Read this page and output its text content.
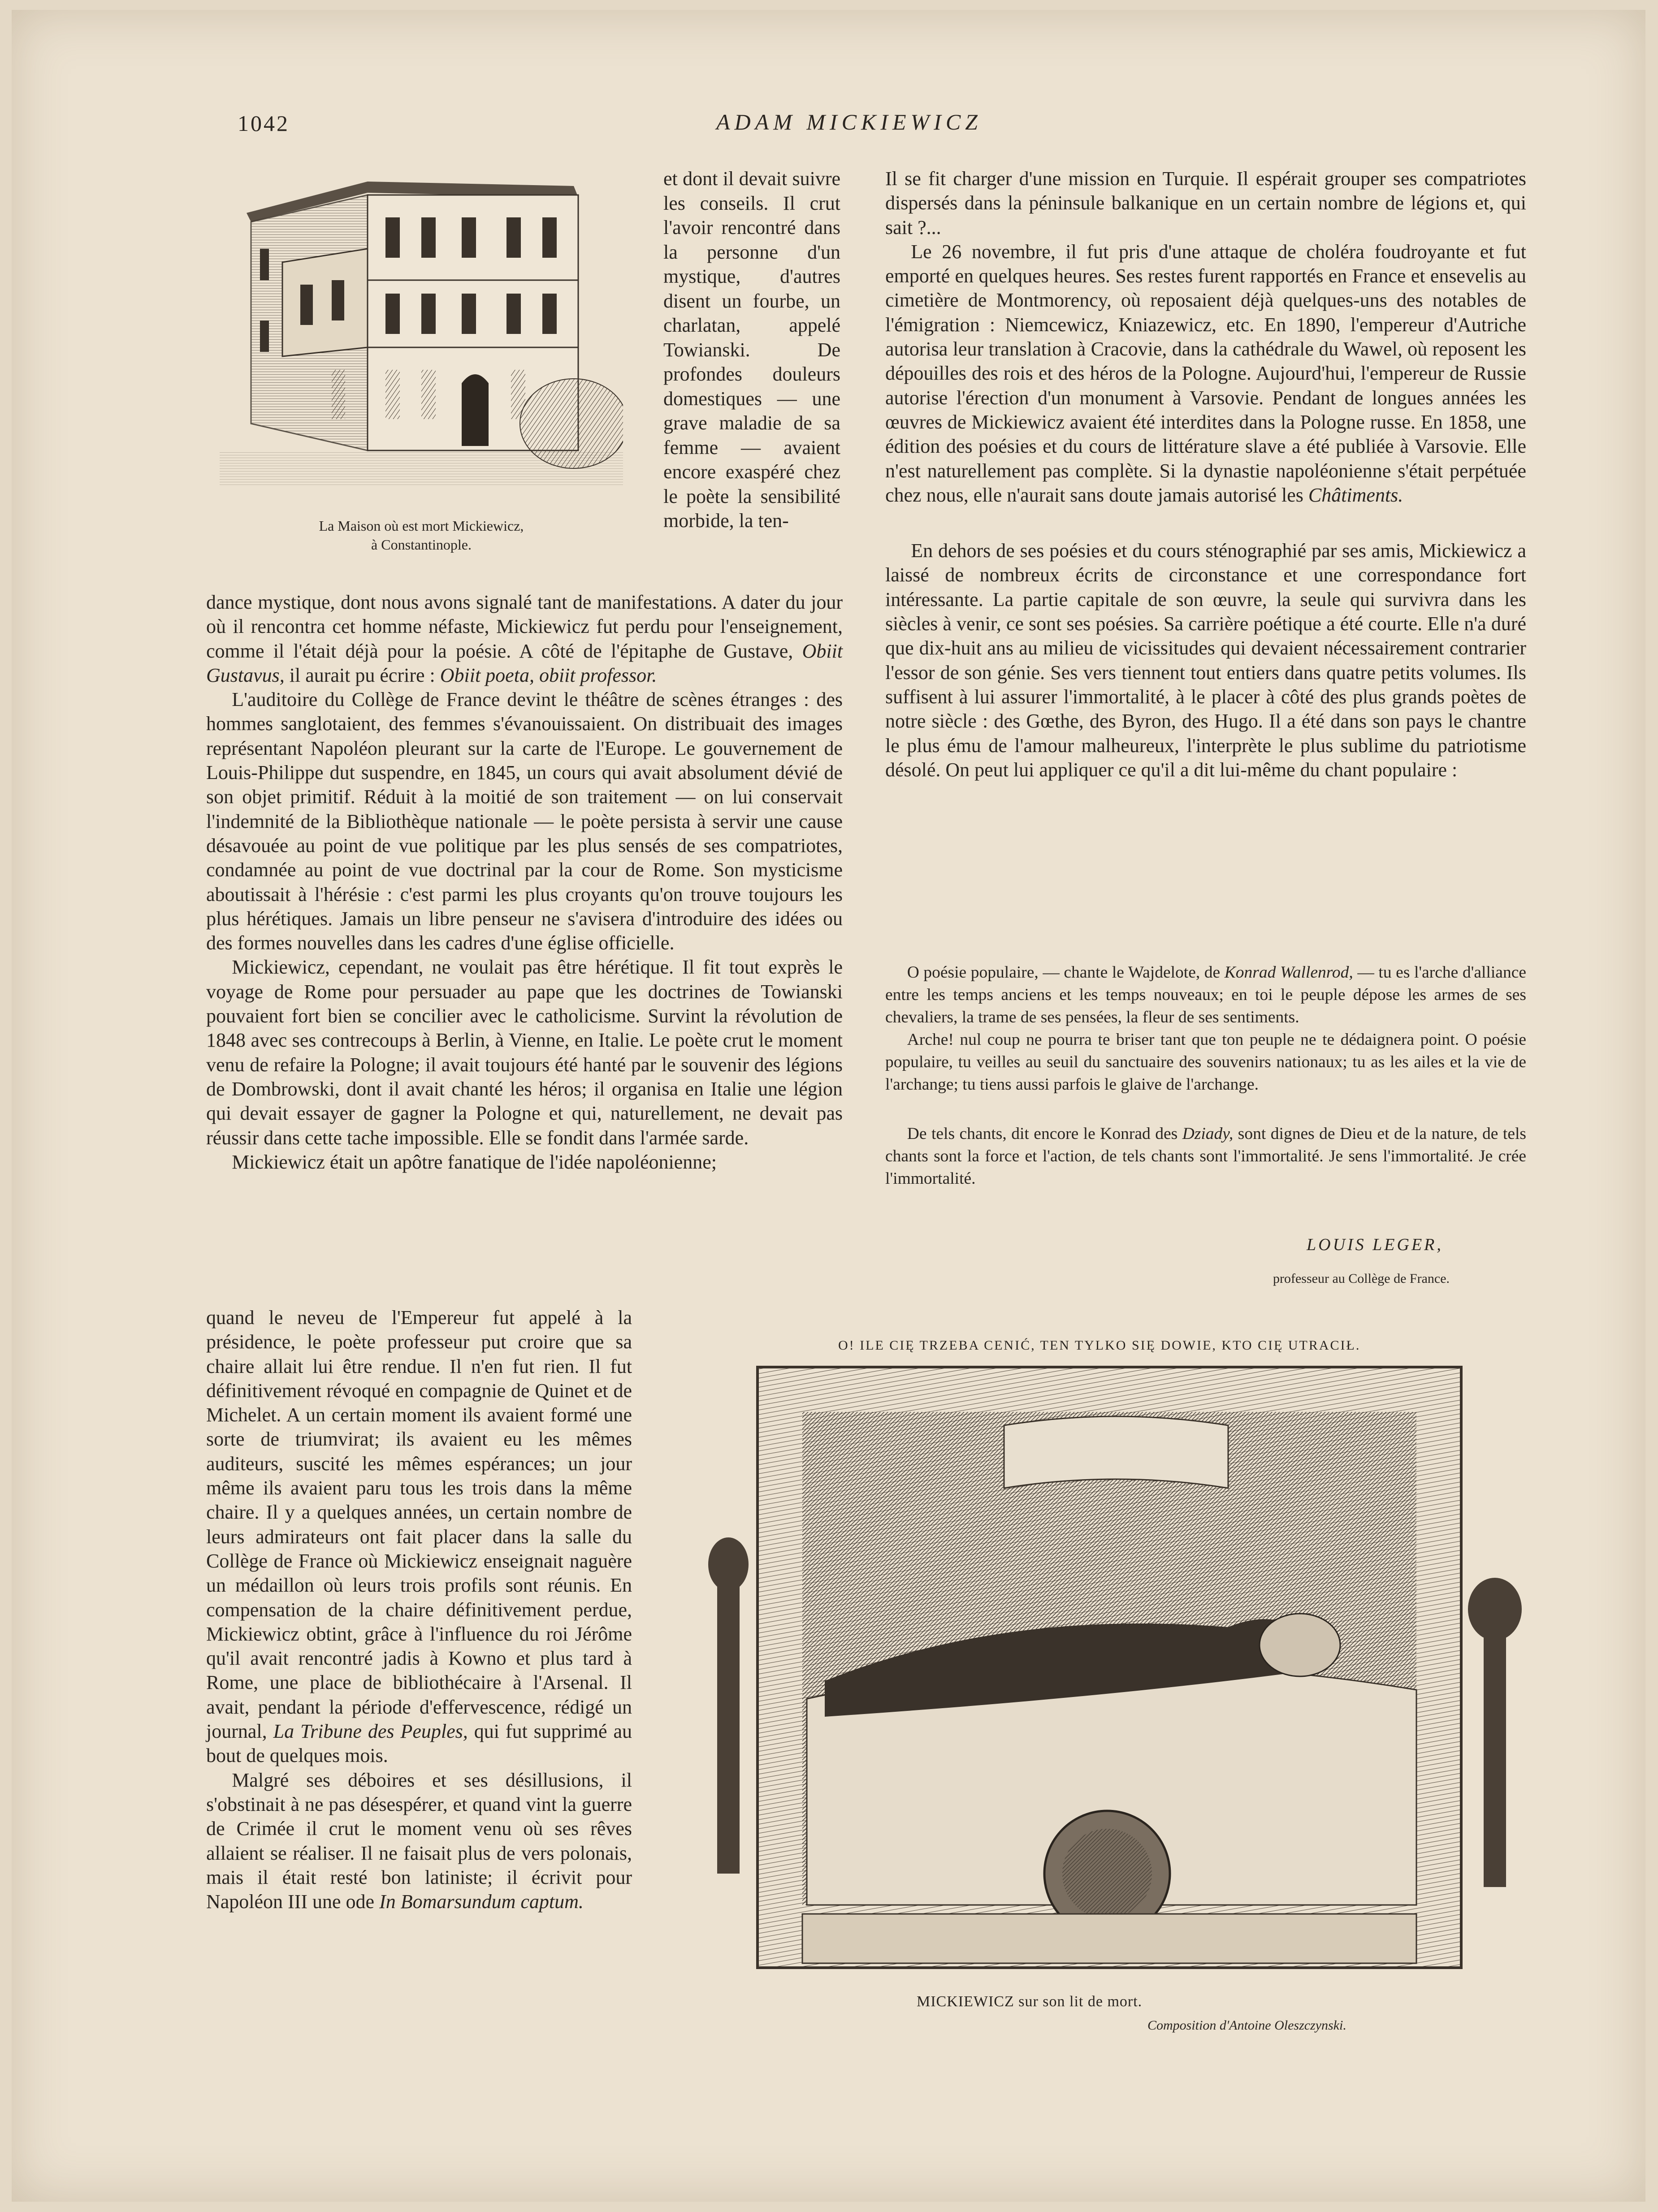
1042	ADAM MICKIEWICZ
La Maison où est mort Mickiewicz,
à Constantinople.

et dont il devait suivre les conseils. Il crut l'avoir rencontré dans la personne d'un mystique, d'autres disent un fourbe, un charlatan, appelé Towianski. De profondes douleurs domestiques — une grave maladie de sa femme — avaient encore exaspéré chez le poète la sensibilité morbide, la ten-

dance mystique, dont nous avons signalé tant de manifestations. A dater du jour où il rencontra cet homme néfaste, Mickiewicz fut perdu pour l'enseignement, comme il l'était déjà pour la poésie. A côté de l'épitaphe de Gustave, Obiit Gustavus, il aurait pu écrire : Obiit poeta, obiit professor.

L'auditoire du Collège de France devint le théâtre de scènes étranges : des hommes sanglotaient, des femmes s'évanouissaient. On distribuait des images représentant Napoléon pleurant sur la carte de l'Europe. Le gouvernement de Louis-Philippe dut suspendre, en 1845, un cours qui avait absolument dévié de son objet primitif. Réduit à la moitié de son traitement — on lui conservait l'indemnité de la Bibliothèque nationale — le poète persista à servir une cause désavouée au point de vue politique par les plus sensés de ses compatriotes, condamnée au point de vue doctrinal par la cour de Rome. Son mysticisme aboutissait à l'hérésie : c'est parmi les plus croyants qu'on trouve toujours les plus hérétiques. Jamais un libre penseur ne s'avisera d'introduire des idées ou des formes nouvelles dans les cadres d'une église officielle.

Mickiewicz, cependant, ne voulait pas être hérétique. Il fit tout exprès le voyage de Rome pour persuader au pape que les doctrines de Towianski pouvaient fort bien se concilier avec le catholicisme. Survint la révolution de 1848 avec ses contrecoups à Berlin, à Vienne, en Italie. Le poète crut le moment venu de refaire la Pologne; il avait toujours été hanté par le souvenir des légions de Dombrowski, dont il avait chanté les héros; il organisa en Italie une légion qui devait essayer de gagner la Pologne et qui, naturellement, ne devait pas réussir dans cette tache impossible. Elle se fondit dans l'armée sarde.

Mickiewicz était un apôtre fanatique de l'idée napoléonienne;

quand le neveu de l'Empereur fut appelé à la présidence, le poète professeur put croire que sa chaire allait lui être rendue. Il n'en fut rien. Il fut définitivement révoqué en compagnie de Quinet et de Michelet. A un certain moment ils avaient formé une sorte de triumvirat; ils avaient eu les mêmes auditeurs, suscité les mêmes espérances; un jour même ils avaient paru tous les trois dans la même chaire. Il y a quelques années, un certain nombre de leurs admirateurs ont fait placer dans la salle du Collège de France où Mickiewicz enseignait naguère un médaillon où leurs trois profils sont réunis. En compensation de la chaire définitivement perdue, Mickiewicz obtint, grâce à l'influence du roi Jérôme qu'il avait rencontré jadis à Kowno et plus tard à Rome, une place de bibliothécaire à l'Arsenal. Il avait, pendant la période d'effervescence, rédigé un journal, La Tribune des Peuples, qui fut supprimé au bout de quelques mois.

Malgré ses déboires et ses désillusions, il s'obstinait à ne pas désespérer, et quand vint la guerre de Crimée il crut le moment venu où ses rêves allaient se réaliser. Il ne faisait plus de vers polonais, mais il était resté bon latiniste; il écrivit pour Napoléon III une ode In Bomarsundum captum.

Il se fit charger d'une mission en Turquie. Il espérait grouper ses compatriotes dispersés dans la péninsule balkanique en un certain nombre de légions et, qui sait ?...

Le 26 novembre, il fut pris d'une attaque de choléra foudroyante et fut emporté en quelques heures. Ses restes furent rapportés en France et ensevelis au cimetière de Montmorency, où reposaient déjà quelques-uns des notables de l'émigration : Niemcewicz, Kniazewicz, etc. En 1890, l'empereur d'Autriche autorisa leur translation à Cracovie, dans la cathédrale du Wawel, où reposent les dépouilles des rois et des héros de la Pologne. Aujourd'hui, l'empereur de Russie autorise l'érection d'un monument à Varsovie. Pendant de longues années les œuvres de Mickiewicz avaient été interdites dans la Pologne russe. En 1858, une édition des poésies et du cours de littérature slave a été publiée à Varsovie. Elle n'est naturellement pas complète. Si la dynastie napoléonienne s'était perpétuée chez nous, elle n'aurait sans doute jamais autorisé les Châtiments.

En dehors de ses poésies et du cours sténographié par ses amis, Mickiewicz a laissé de nombreux écrits de circonstance et une correspondance fort intéressante. La partie capitale de son œuvre, la seule qui survivra dans les siècles à venir, ce sont ses poésies. Sa carrière poétique a été courte. Elle n'a duré que dix-huit ans au milieu de vicissitudes qui devaient nécessairement contrarier l'essor de son génie. Ses vers tiennent tout entiers dans quatre petits volumes. Ils suffisent à lui assurer l'immortalité, à le placer à côté des plus grands poètes de notre siècle : des Gœthe, des Byron, des Hugo. Il a été dans son pays le chantre le plus ému de l'amour malheureux, l'interprète le plus sublime du patriotisme désolé. On peut lui appliquer ce qu'il a dit lui-même du chant populaire :

O poésie populaire, — chante le Wajdelote, de Konrad Wallenrod, — tu es l'arche d'alliance entre les temps anciens et les temps nouveaux; en toi le peuple dépose les armes de ses chevaliers, la trame de ses pensées, la fleur de ses sentiments.

Arche! nul coup ne pourra te briser tant que ton peuple ne te dédaignera point. O poésie populaire, tu veilles au seuil du sanctuaire des souvenirs nationaux; tu as les ailes et la vie de l'archange; tu tiens aussi parfois le glaive de l'archange.

De tels chants, dit encore le Konrad des Dziady, sont dignes de Dieu et de la nature, de tels chants sont la force et l'action, de tels chants sont l'immortalité. Je sens l'immortalité. Je crée l'immortalité.

LOUIS LEGER,
professeur au Collège de France.
O! ILE CIĘ TRZEBA CENIĆ, TEN TYLKO SIĘ DOWIE, KTO CIĘ UTRACIŁ.
MICKIEWICZ sur son lit de mort.
Composition d'Antoine Oleszczynski.
